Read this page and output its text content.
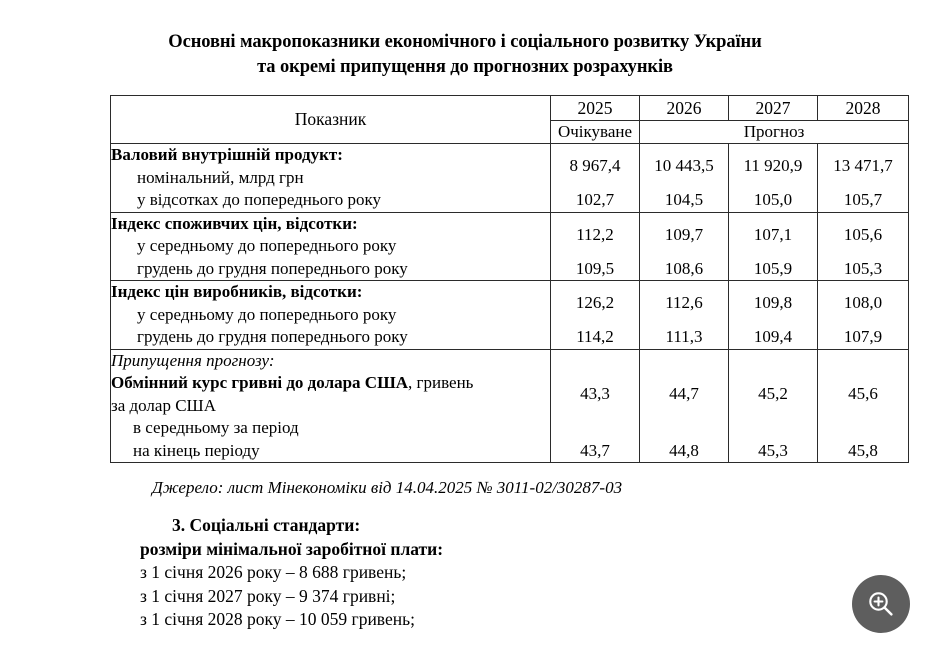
Основні макропоказники економічного і соціального розвитку України
та окремі припущення до прогнозних розрахунків
Показник	2025	2026	2027	2028
	Очікуване	Прогноз		

Валовий внутрішній продукт:
номінальний, млрд грн	8 967,4	10 443,5	11 920,9	13 471,7

у відсотках до попереднього року	102,7	104,5	105,0	105,7

Індекс споживчих цін, відсотки:
у середньому до попереднього року	112,2	109,7	107,1	105,6

грудень до грудня попереднього року	109,5	108,6	105,9	105,3

Індекс цін виробників, відсотки:
у середньому до попереднього року	126,2	112,6	109,8	108,0

грудень до грудня попереднього року	114,2	111,3	109,4	107,9

Припущення прогнозу:
Обмінний курс гривні до долара США, гривень
за долар США
в середньому за період	43,3	44,7	45,2	45,6

на кінець періоду	43,7	44,8	45,3	45,8
Джерело: лист Мінекономіки від 14.04.2025 № 3011-02/30287-03
3. Соціальні стандарти:
розміри мінімальної заробітної плати:
з 1 січня 2026 року – 8 688 гривень;
з 1 січня 2027 року – 9 374 гривні;
з 1 січня 2028 року – 10 059 гривень;
